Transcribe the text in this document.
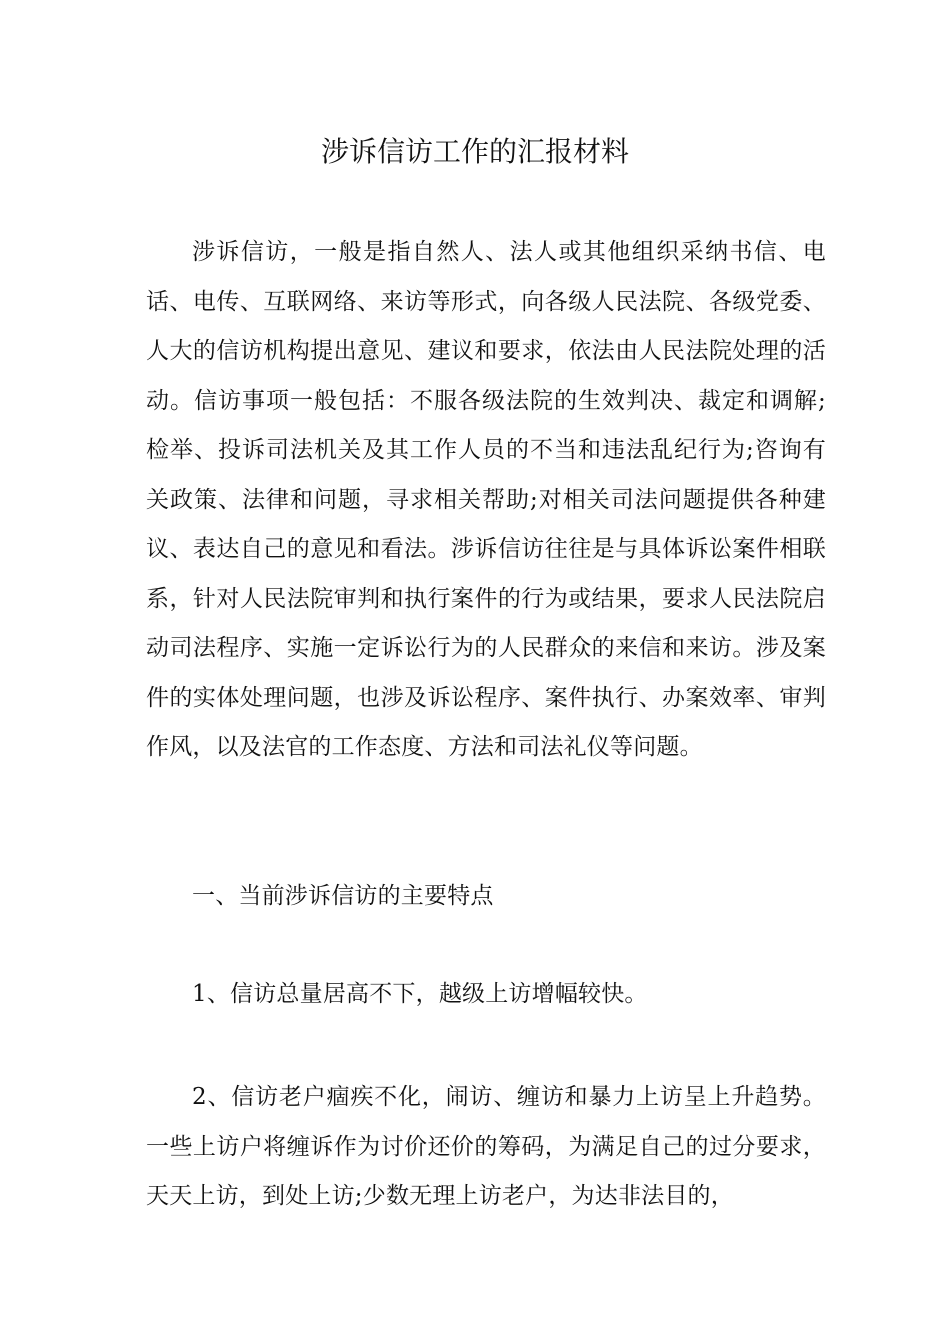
涉诉信访工作的汇报材料

涉诉信访，一般是指自然人、法人或其他组织采纳书信、电话、电传、互联网络、来访等形式，向各级人民法院、各级党委、人大的信访机构提出意见、建议和要求，依法由人民法院处理的活动。信访事项一般包括：不服各级法院的生效判决、裁定和调解;检举、投诉司法机关及其工作人员的不当和违法乱纪行为;咨询有关政策、法律和问题，寻求相关帮助;对相关司法问题提供各种建议、表达自己的意见和看法。涉诉信访往往是与具体诉讼案件相联系，针对人民法院审判和执行案件的行为或结果，要求人民法院启动司法程序、实施一定诉讼行为的人民群众的来信和来访。涉及案件的实体处理问题，也涉及诉讼程序、案件执行、办案效率、审判作风，以及法官的工作态度、方法和司法礼仪等问题。

一、当前涉诉信访的主要特点

1、信访总量居高不下，越级上访增幅较快。

2、信访老户痼疾不化，闹访、缠访和暴力上访呈上升趋势。一些上访户将缠诉作为讨价还价的筹码，为满足自己的过分要求，天天上访，到处上访;少数无理上访老户，为达非法目的，
